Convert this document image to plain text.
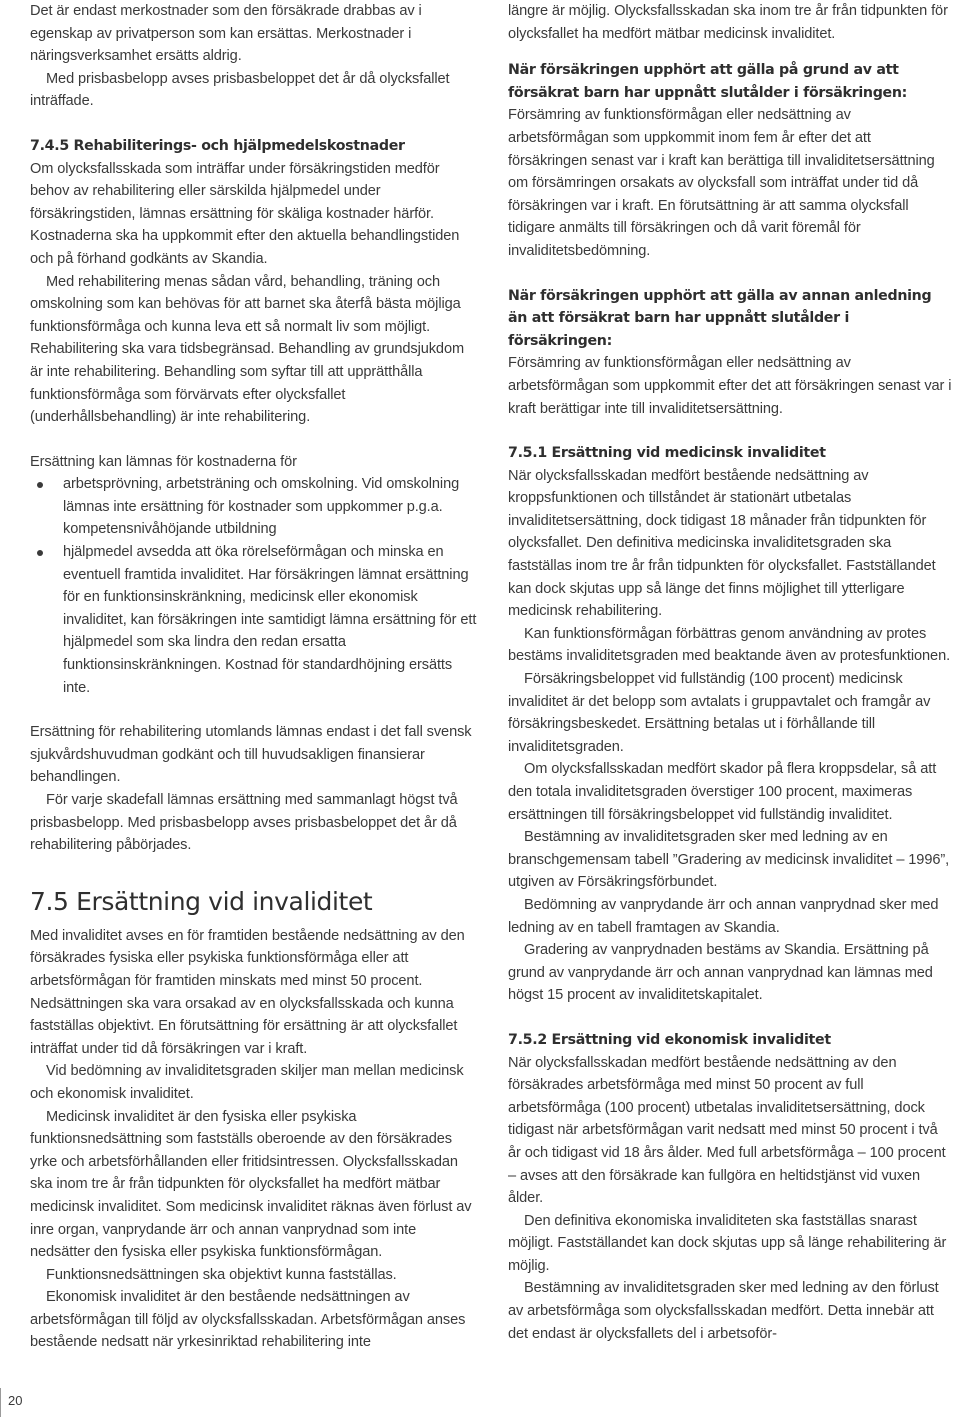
Det är endast merkostnader som den försäkrade drabbas av i egenskap av privatperson som kan ersättas. Merkostnader i näringsverksamhet ersätts aldrig.

Med prisbasbelopp avses prisbasbeloppet det år då olycksfallet inträffade.

7.4.5 Rehabiliterings- och hjälpmedelskostnader

Om olycksfallsskada som inträffar under försäkringstiden medför behov av rehabilitering eller särskilda hjälpmedel under försäkringstiden, lämnas ersättning för skäliga kostnader härför. Kostnaderna ska ha uppkommit efter den aktuella behandlingstiden och på förhand godkänts av Skandia.

Med rehabilitering menas sådan vård, behandling, träning och omskolning som kan behövas för att barnet ska återfå bästa möjliga funktionsförmåga och kunna leva ett så normalt liv som möjligt. Rehabilitering ska vara tidsbegränsad. Behandling av grundsjukdom är inte rehabilitering. Behandling som syftar till att upprätthålla funktionsförmåga som förvärvats efter olycksfallet (underhållsbehandling) är inte rehabilitering.

Ersättning kan lämnas för kostnaderna för

arbetsprövning, arbetsträning och omskolning. Vid omskolning lämnas inte ersättning för kostnader som uppkommer p.g.a. kompetensnivåhöjande utbildning
hjälpmedel avsedda att öka rörelseförmågan och minska en eventuell framtida invaliditet. Har försäkringen lämnat ersättning för en funktionsinskränkning, medicinsk eller ekonomisk invaliditet, kan försäkringen inte samtidigt lämna ersättning för ett hjälpmedel som ska lindra den redan ersatta funktionsinskränkningen. Kostnad för standardhöjning ersätts inte.

Ersättning för rehabilitering utomlands lämnas endast i det fall svensk sjukvårdshuvudman godkänt och till huvudsakligen finansierar behandlingen.

För varje skadefall lämnas ersättning med sammanlagt högst två prisbasbelopp. Med prisbasbelopp avses prisbasbeloppet det år då rehabilitering påbörjades.

7.5 Ersättning vid invaliditet

Med invaliditet avses en för framtiden bestående nedsättning av den försäkrades fysiska eller psykiska funktionsförmåga eller att arbetsförmågan för framtiden minskats med minst 50 procent. Nedsättningen ska vara orsakad av en olycksfallsskada och kunna fastställas objektivt. En förutsättning för ersättning är att olycksfallet inträffat under tid då försäkringen var i kraft.

Vid bedömning av invaliditetsgraden skiljer man mellan medicinsk och ekonomisk invaliditet.

Medicinsk invaliditet är den fysiska eller psykiska funktionsnedsättning som fastställs oberoende av den försäkrades yrke och arbetsförhållanden eller fritidsintressen. Olycksfallsskadan ska inom tre år från tidpunkten för olycksfallet ha medfört mätbar medicinsk invaliditet. Som medicinsk invaliditet räknas även förlust av inre organ, vanprydande ärr och annan vanprydnad som inte nedsätter den fysiska eller psykiska funktionsförmågan.

Funktionsnedsättningen ska objektivt kunna fastställas.

Ekonomisk invaliditet är den bestående nedsättningen av arbetsförmågan till följd av olycksfallsskadan. Arbetsförmågan anses bestående nedsatt när yrkesinriktad rehabilitering inte

längre är möjlig. Olycksfallsskadan ska inom tre år från tidpunkten för olycksfallet ha medfört mätbar medicinsk invaliditet.

När försäkringen upphört att gälla på grund av att försäkrat barn har uppnått slutålder i försäkringen:

Försämring av funktionsförmågan eller nedsättning av arbetsförmågan som uppkommit inom fem år efter det att försäkringen senast var i kraft kan berättiga till invaliditetsersättning om försämringen orsakats av olycksfall som inträffat under tid då försäkringen var i kraft. En förutsättning är att samma olycksfall tidigare anmälts till försäkringen och då varit föremål för invaliditetsbedömning.

När försäkringen upphört att gälla av annan anledning än att försäkrat barn har uppnått slutålder i försäkringen:

Försämring av funktionsförmågan eller nedsättning av arbetsförmågan som uppkommit efter det att försäkringen senast var i kraft berättigar inte till invaliditetsersättning.

7.5.1 Ersättning vid medicinsk invaliditet

När olycksfallsskadan medfört bestående nedsättning av kroppsfunktionen och tillståndet är stationärt utbetalas invaliditetsersättning, dock tidigast 18 månader från tidpunkten för olycksfallet. Den definitiva medicinska invaliditetsgraden ska fastställas inom tre år från tidpunkten för olycksfallet. Fastställandet kan dock skjutas upp så länge det finns möjlighet till ytterligare medicinsk rehabilitering.

Kan funktionsförmågan förbättras genom användning av protes bestäms invaliditetsgraden med beaktande även av protesfunktionen.

Försäkringsbeloppet vid fullständig (100 procent) medicinsk invaliditet är det belopp som avtalats i gruppavtalet och framgår av försäkringsbeskedet. Ersättning betalas ut i förhållande till invaliditetsgraden.

Om olycksfallsskadan medfört skador på flera kroppsdelar, så att den totala invaliditetsgraden överstiger 100 procent, maximeras ersättningen till försäkringsbeloppet vid fullständig invaliditet.

Bestämning av invaliditetsgraden sker med ledning av en branschgemensam tabell ”Gradering av medicinsk invaliditet – 1996”, utgiven av Försäkringsförbundet.

Bedömning av vanprydande ärr och annan vanprydnad sker med ledning av en tabell framtagen av Skandia.

Gradering av vanprydnaden bestäms av Skandia. Ersättning på grund av vanprydande ärr och annan vanprydnad kan lämnas med högst 15 procent av invaliditetskapitalet.

7.5.2 Ersättning vid ekonomisk invaliditet

När olycksfallsskadan medfört bestående nedsättning av den försäkrades arbetsförmåga med minst 50 procent av full arbetsförmåga (100 procent) utbetalas invaliditetsersättning, dock tidigast när arbetsförmågan varit nedsatt med minst 50 procent i två år och tidigast vid 18 års ålder. Med full arbetsförmåga – 100 procent – avses att den försäkrade kan fullgöra en heltidstjänst vid vuxen ålder.

Den definitiva ekonomiska invaliditeten ska fastställas snarast möjligt. Fastställandet kan dock skjutas upp så länge rehabilitering är möjlig.

Bestämning av invaliditetsgraden sker med ledning av den förlust av arbetsförmåga som olycksfallsskadan medfört. Detta innebär att det endast är olycksfallets del i arbetsoför-

20
